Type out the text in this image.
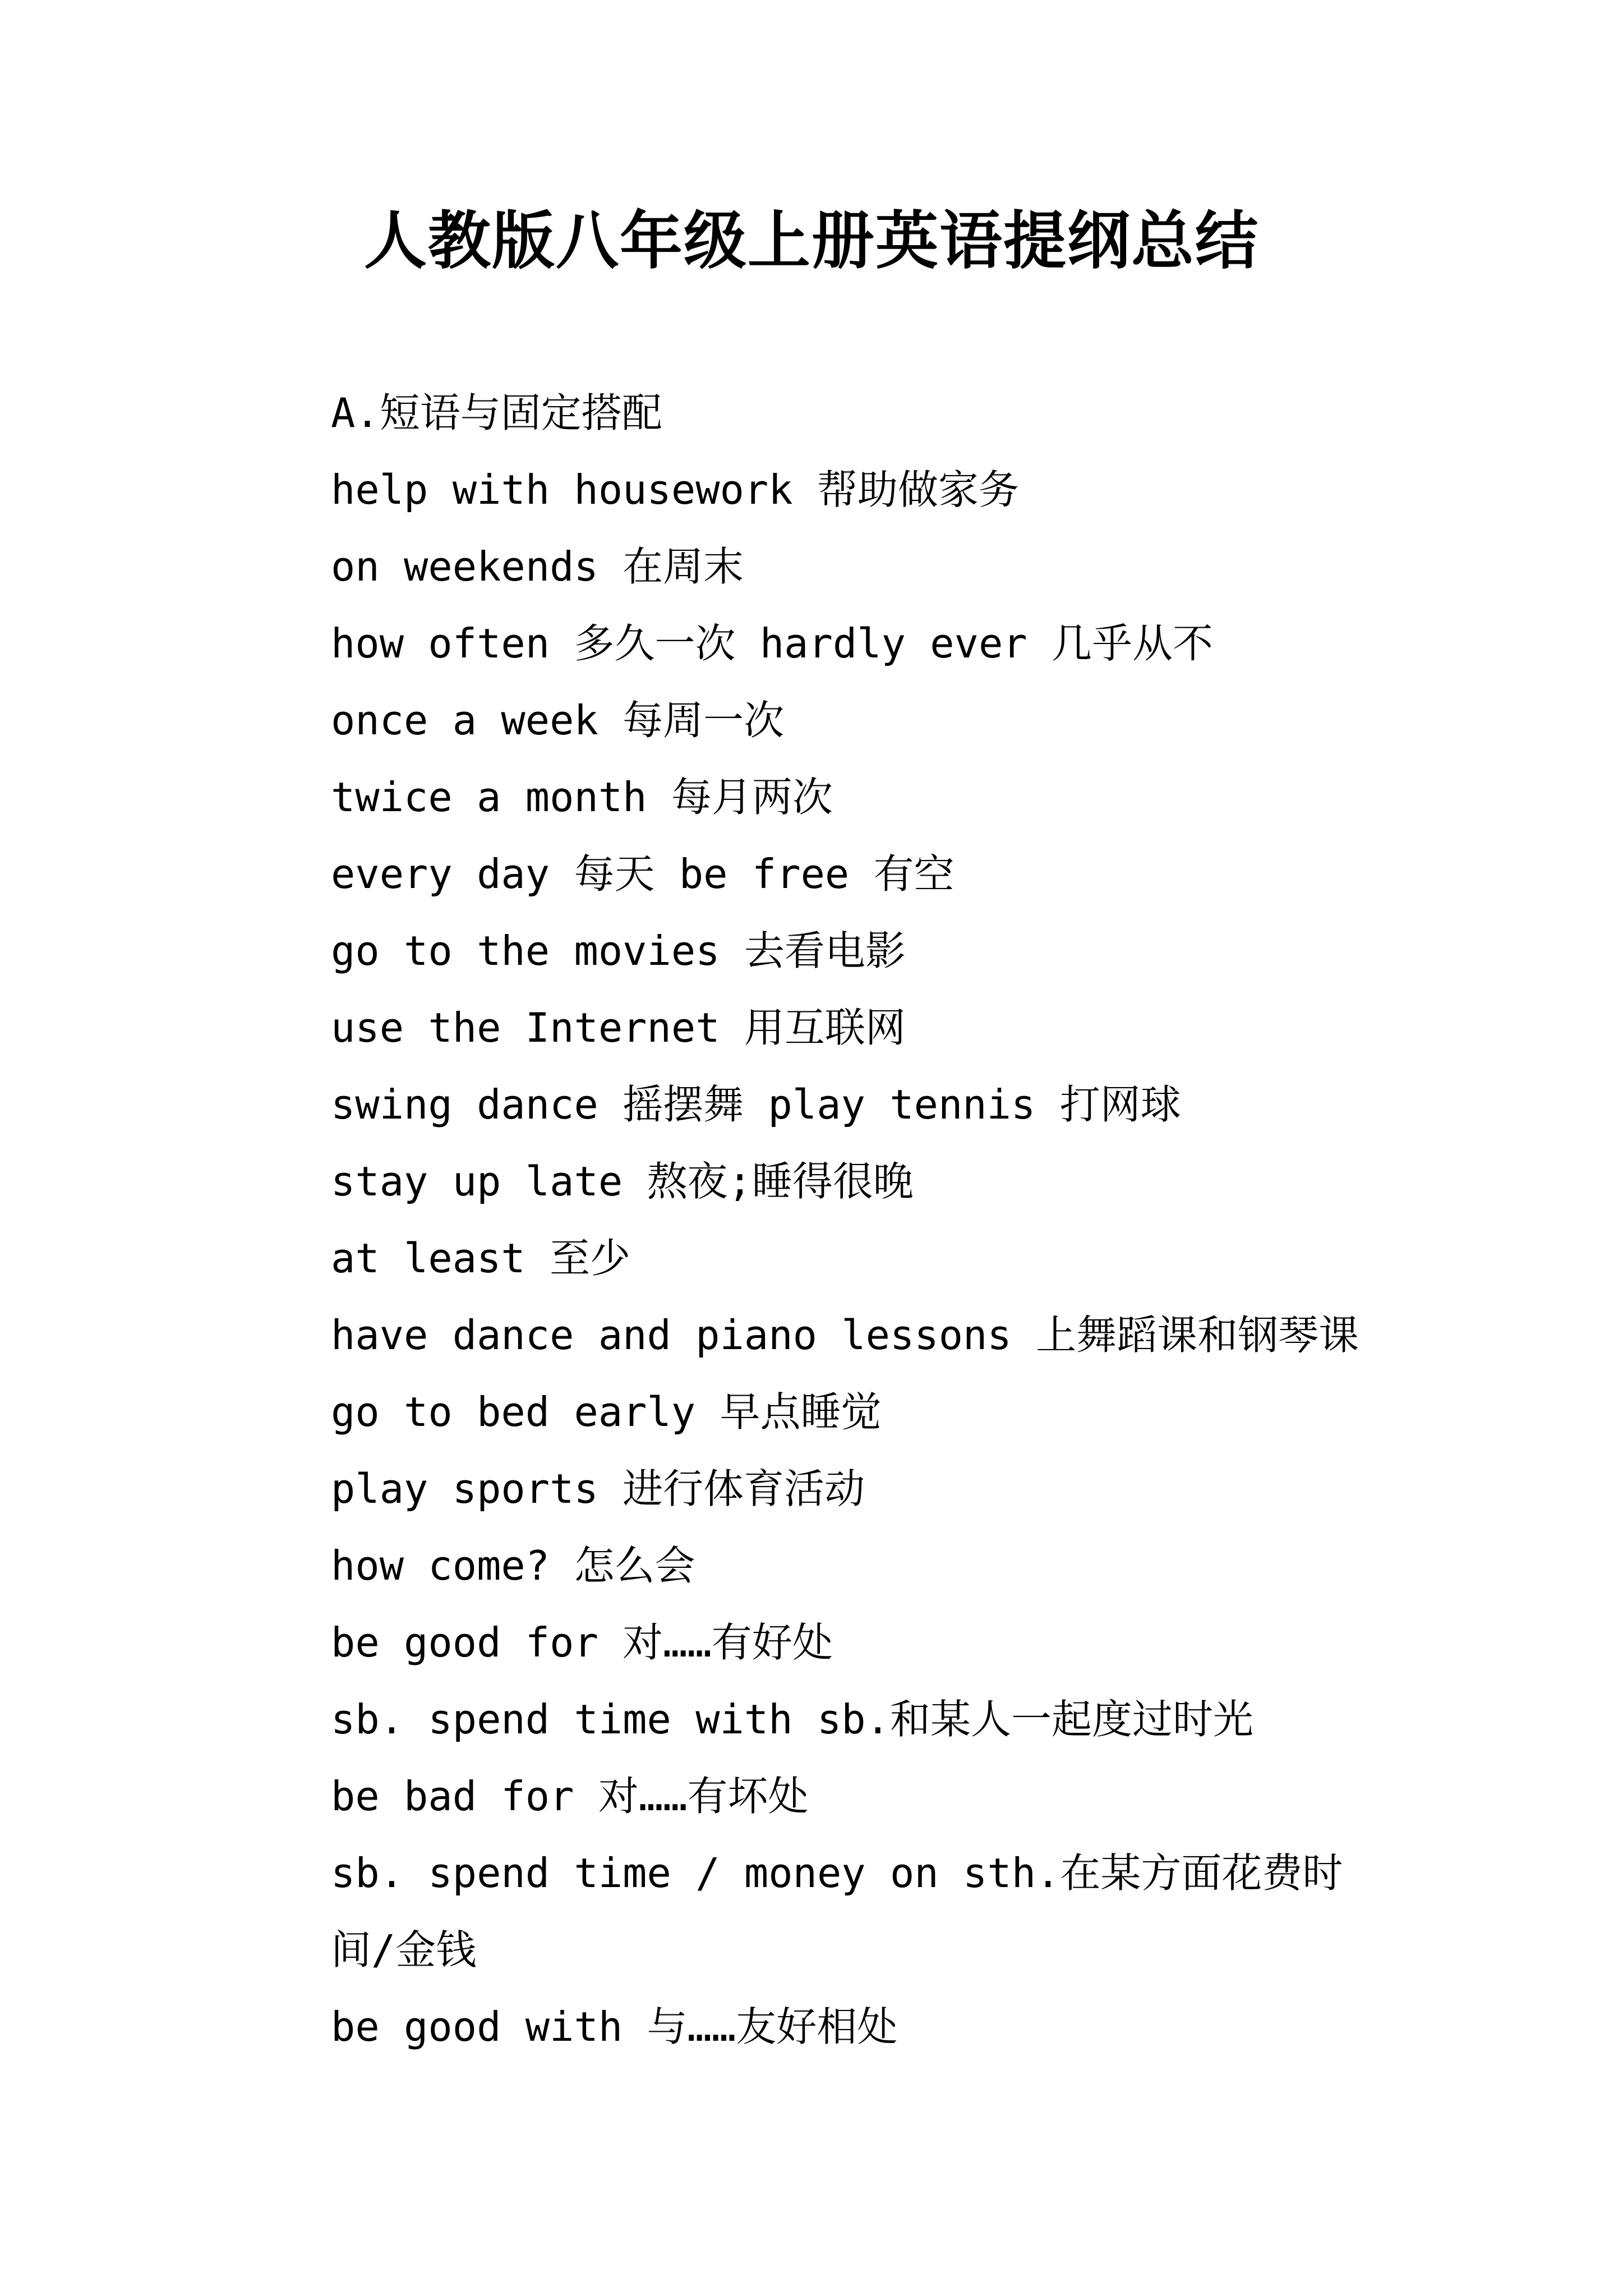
人教版八年级上册英语提纲总结
A.短语与固定搭配
help with housework 帮助做家务
on weekends 在周末
how often 多久一次 hardly ever 几乎从不
once a week 每周一次
twice a month 每月两次
every day 每天 be free 有空
go to the movies 去看电影
use the Internet 用互联网
swing dance 摇摆舞 play tennis 打网球
stay up late 熬夜;睡得很晚
at least 至少
have dance and piano lessons 上舞蹈课和钢琴课
go to bed early 早点睡觉
play sports 进行体育活动
how come? 怎么会
be good for 对……有好处
sb. spend time with sb.和某人一起度过时光
be bad for 对……有坏处
sb. spend time / money on sth.在某方面花费时间/金钱
be good with 与……友好相处
